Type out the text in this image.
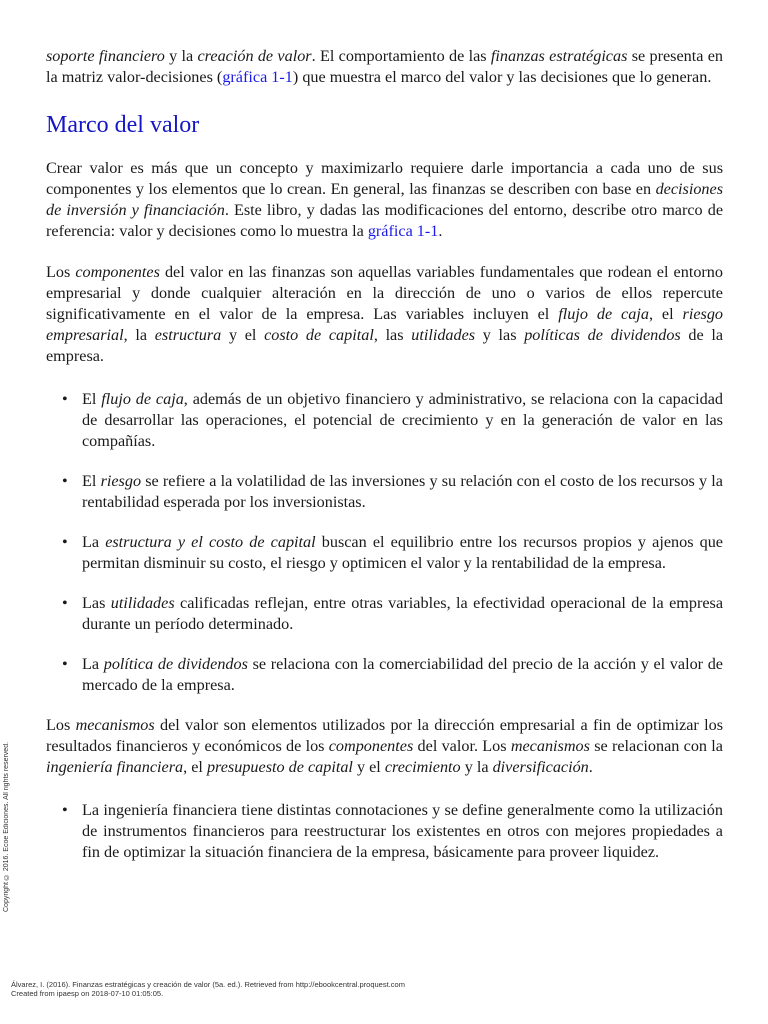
soporte financiero y la creación de valor. El comportamiento de las finanzas estratégicas se presenta en la matriz valor-decisiones (gráfica 1-1) que muestra el marco del valor y las decisiones que lo generan.

Marco del valor

Crear valor es más que un concepto y maximizarlo requiere darle importancia a cada uno de sus componentes y los elementos que lo crean. En general, las finanzas se describen con base en decisiones de inversión y financiación. Este libro, y dadas las modificaciones del entorno, describe otro marco de referencia: valor y decisiones como lo muestra la gráfica 1-1.

Los componentes del valor en las finanzas son aquellas variables fundamentales que rodean el entorno empresarial y donde cualquier alteración en la dirección de uno o varios de ellos repercute significativamente en el valor de la empresa. Las variables incluyen el flujo de caja, el riesgo empresarial, la estructura y el costo de capital, las utilidades y las políticas de dividendos de la empresa.

• El flujo de caja, además de un objetivo financiero y administrativo, se relaciona con la capacidad de desarrollar las operaciones, el potencial de crecimiento y en la generación de valor en las compañías.
• El riesgo se refiere a la volatilidad de las inversiones y su relación con el costo de los recursos y la rentabilidad esperada por los inversionistas.
• La estructura y el costo de capital buscan el equilibrio entre los recursos propios y ajenos que permitan disminuir su costo, el riesgo y optimicen el valor y la rentabilidad de la empresa.
• Las utilidades calificadas reflejan, entre otras variables, la efectividad operacional de la empresa durante un período determinado.
• La política de dividendos se relaciona con la comerciabilidad del precio de la acción y el valor de mercado de la empresa.

Los mecanismos del valor son elementos utilizados por la dirección empresarial a fin de optimizar los resultados financieros y económicos de los componentes del valor. Los mecanismos se relacionan con la ingeniería financiera, el presupuesto de capital y el crecimiento y la diversificación.

• La ingeniería financiera tiene distintas connotaciones y se define generalmente como la utilización de instrumentos financieros para reestructurar los existentes en otros con mejores propiedades a fin de optimizar la situación financiera de la empresa, básicamente para proveer liquidez.
Copyright © 2016. Ecoe Ediciones. All rights reserved.
Álvarez, I. (2016). Finanzas estratégicas y creación de valor (5a. ed.). Retrieved from http://ebookcentral.proquest.com
Created from ipaesp on 2018-07-10 01:05:05.
